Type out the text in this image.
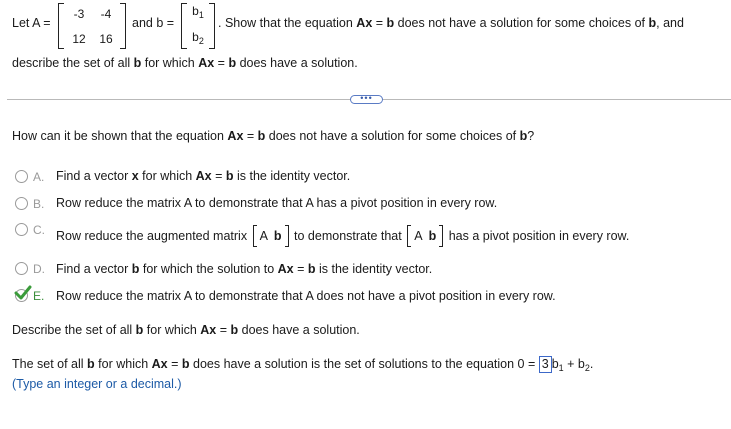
Let A =
-3	-4
12	16
and b =
$b_1$
$b_2$
. Show that the equation Ax = b does not have a solution for some choices of b, and
describe the set of all b for which Ax = b does have a solution.
•••
How can it be shown that the equation Ax = b does not have a solution for some choices of b?
A. Find a vector x for which Ax = b is the identity vector.
B. Row reduce the matrix A to demonstrate that A has a pivot position in every row.
C. Row reduce the augmented matrix A b to demonstrate that A b has a pivot position in every row.
D. Find a vector b for which the solution to Ax = b is the identity vector.
E. Row reduce the matrix A to demonstrate that A does not have a pivot position in every row.
Describe the set of all b for which Ax = b does have a solution.
The set of all b for which Ax = b does have a solution is the set of solutions to the equation 0 = 3 $b_1 + b_2$.
(Type an integer or a decimal.)
